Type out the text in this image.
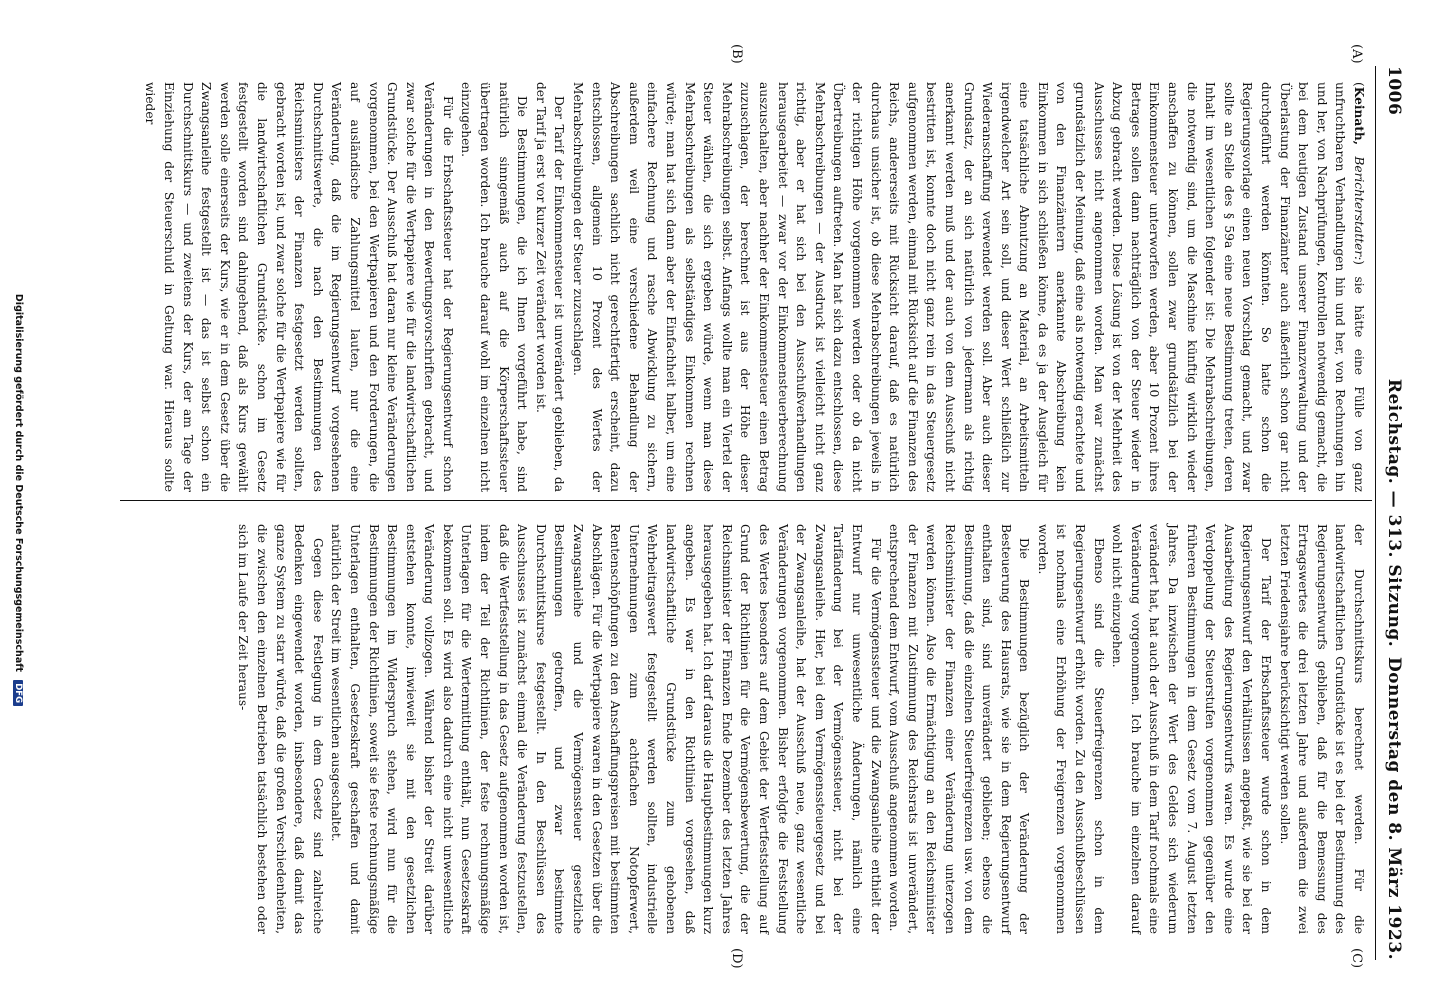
1006
Reichstag. — 313. Sitzung.
Donnerstag den 8. März 1923.
(A)
(B)
(C)
(D)

(Keinath, Berichterstatter:) sie hätte eine Fülle von ganz unfruchtbaren Verhandlungen hin und her, von Rechnungen hin und her, von Nachprüfungen, Kontrollen notwendig gemacht, die bei dem heutigen Zustand unserer Finanzverwaltung und der Überlastung der Finanzämter auch äußerlich schon gar nicht durchgeführt werden könnten. So hatte schon die Regierungsvorlage einen neuen Vorschlag gemacht, und zwar sollte an Stelle des § 59a eine neue Bestimmung treten, deren Inhalt im wesentlichen folgender ist: Die Mehrabschreibungen, die notwendig sind, um die Maschine künftig wirklich wieder anschaffen zu können, sollen zwar grundsätzlich bei der Einkommensteuer unterworfen werden, aber 10 Prozent ihres Betrages sollen dann nachträglich von der Steuer wieder in Abzug gebracht werden. Diese Lösung ist von der Mehrheit des Ausschusses nicht angenommen worden. Man war zunächst grundsätzlich der Meinung, daß eine als notwendig erachtete und von den Finanzämtern anerkannte Abschreibung kein Einkommen in sich schließen könne, da es ja der Ausgleich für eine tatsächliche Abnutzung an Material, an Arbeitsmitteln irgendwelcher Art sein soll, und dieser Wert schließlich zur Wiederanschaffung verwendet werden soll. Aber auch dieser Grundsatz, der an sich natürlich von jedermann als richtig anerkannt werden muß und der auch von dem Ausschuß nicht bestritten ist, konnte doch nicht ganz rein in das Steuergesetz aufgenommen werden, einmal mit Rücksicht auf die Finanzen des Reichs, andererseits mit Rücksicht darauf, daß es natürlich durchaus unsicher ist, ob diese Mehrabschreibungen jeweils in der richtigen Höhe vorgenommen werden oder ob da nicht Übertreibungen auftreten. Man hat sich dazu entschlossen, diese Mehrabschreibungen — der Ausdruck ist vielleicht nicht ganz richtig, aber er hat sich bei den Ausschußverhandlungen herausgearbeitet — zwar vor der Einkommensteuerberechnung auszuschalten, aber nachher der Einkommensteuer einen Betrag zuzuschlagen, der berechnet ist aus der Höhe dieser Mehrabschreibungen selbst. Anfangs wollte man ein Viertel der Steuer wählen, die sich ergeben würde, wenn man diese Mehrabschreibungen als selbständiges Einkommen rechnen würde; man hat sich dann aber der Einfachheit halber, um eine einfachere Rechnung und rasche Abwicklung zu sichern, außerdem weil eine verschiedene Behandlung der Abschreibungen sachlich nicht gerechtfertigt erscheint, dazu entschlossen, allgemein 10 Prozent des Wertes der Mehrabschreibungen der Steuer zuzuschlagen.

Der Tarif der Einkommensteuer ist unverändert geblieben, da der Tarif ja erst vor kurzer Zeit verändert worden ist.

Die Bestimmungen, die ich Ihnen vorgeführt habe, sind natürlich sinngemäß auch auf die Körperschaftssteuer übertragen worden. Ich brauche darauf wohl im einzelnen nicht einzugehen.

Für die Erbschaftssteuer hat der Regierungsentwurf schon Veränderungen in den Bewertungsvorschriften gebracht, und zwar solche für die Wertpapiere wie für die landwirtschaftlichen Grundstücke. Der Ausschuß hat daran nur kleine Veränderungen vorgenommen, bei den Wertpapieren und den Forderungen, die auf ausländische Zahlungsmittel lauten, nur die eine Veränderung, daß die im Regierungsentwurf vorgesehenen Durchschnittswerte, die nach den Bestimmungen des Reichsministers der Finanzen festgesetzt werden sollten, gebracht worden ist, und zwar solche für die Wertpapiere wie für die landwirtschaftlichen Grundstücke. schon im Gesetz festgestellt worden sind dahingehend, daß als Kurs gewählt werden solle einerseits der Kurs, wie er in dem Gesetz über die Zwangsanleihe festgestellt ist — das ist selbst schon ein Durchschnittskurs — und zweitens der Kurs, der am Tage der Einziehung der Steuerschuld in Geltung war. Hieraus sollte wieder

der Durchschnittskurs berechnet werden. Für die landwirtschaftlichen Grundstücke ist es bei der Bestimmung des Regierungsentwurfs geblieben, daß für die Bemessung des Ertragswertes die drei letzten Jahre und außerdem die zwei letzten Friedensjahre berücksichtigt werden sollen.

Der Tarif der Erbschaftssteuer wurde schon in dem Regierungsentwurf den Verhältnissen angepaßt, wie sie bei der Ausarbeitung des Regierungsentwurfs waren. Es wurde eine Verdoppelung der Steuerstufen vorgenommen gegenüber den früheren Bestimmungen in dem Gesetz vom 7. August letzten Jahres. Da inzwischen der Wert des Geldes sich wiederum verändert hat, hat auch der Ausschuß in dem Tarif nochmals eine Veränderung vorgenommen. Ich brauche im einzelnen darauf wohl nicht einzugehen.

Ebenso sind die Steuerfreigrenzen schon in dem Regierungsentwurf erhöht worden. Zu den Ausschußbeschlüssen ist nochmals eine Erhöhung der Freigrenzen vorgenommen worden.

Die Bestimmungen bezüglich der Veränderung der Besteuerung des Hausrats, wie sie in dem Regierungsentwurf enthalten sind, sind unverändert geblieben; ebenso die Bestimmung, daß die einzelnen Steuerfreigrenzen usw. von dem Reichsminister der Finanzen einer Veränderung unterzogen werden können. Also die Ermächtigung an den Reichsminister der Finanzen mit Zustimmung des Reichsrats ist unverändert, entsprechend dem Entwurf, vom Ausschuß angenommen worden.

Für die Vermögenssteuer und die Zwangsanleihe enthielt der Entwurf nur unwesentliche Änderungen, nämlich eine Tarifänderung bei der Vermögenssteuer, nicht bei der Zwangsanleihe. Hier, bei dem Vermögenssteuergesetz und bei der Zwangsanleihe, hat der Ausschuß neue, ganz wesentliche Veränderungen vorgenommen. Bisher erfolgte die Feststellung des Wertes besonders auf dem Gebiet der Wertfeststellung auf Grund der Richtlinien für die Vermögensbewertung, die der Reichsminister der Finanzen Ende Dezember des letzten Jahres herausgegeben hat. Ich darf daraus die Hauptbestimmungen kurz angeben. Es war in den Richtlinien vorgesehen, daß landwirtschaftliche Grundstücke zum gehobenen Wehrbeitragswert festgestellt werden sollten, industrielle Unternehmungen zum achtfachen Notopferwert, Rentenschöpfungen zu den Anschaffungspreisen mit bestimmten Abschlägen. Für die Wertpapiere waren in den Gesetzen über die Zwangsanleihe und die Vermögenssteuer gesetzliche Bestimmungen getroffen, und zwar bestimmte Durchschnittskurse festgestellt. In den Beschlüssen des Ausschusses ist zunächst einmal die Veränderung festzustellen, daß die Wertfeststellung in das Gesetz aufgenommen worden ist, indem der Teil der Richtlinien, der feste rechnungsmäßige Unterlagen für die Wertermittlung enthält, nun Gesetzeskraft bekommen soll. Es wird also dadurch eine nicht unwesentliche Veränderung vollzogen. Während bisher der Streit darüber entstehen konnte, inwieweit sie mit den gesetzlichen Bestimmungen im Widerspruch stehen, wird nun für die Bestimmungen der Richtlinien, soweit sie feste rechnungsmäßige Unterlagen enthalten, Gesetzeskraft geschaffen und damit natürlich der Streit im wesentlichen ausgeschaltet.

Gegen diese Festlegung in dem Gesetz sind zahlreiche Bedenken eingewendet worden, insbesondere, daß damit das ganze System zu starr würde, daß die großen Verschiedenheiten, die zwischen den einzelnen Betrieben tatsächlich bestehen oder sich im Laufe der Zeit heraus-

Digitalisierung gefördert durch die Deutsche Forschungsgemeinschaft DFG
